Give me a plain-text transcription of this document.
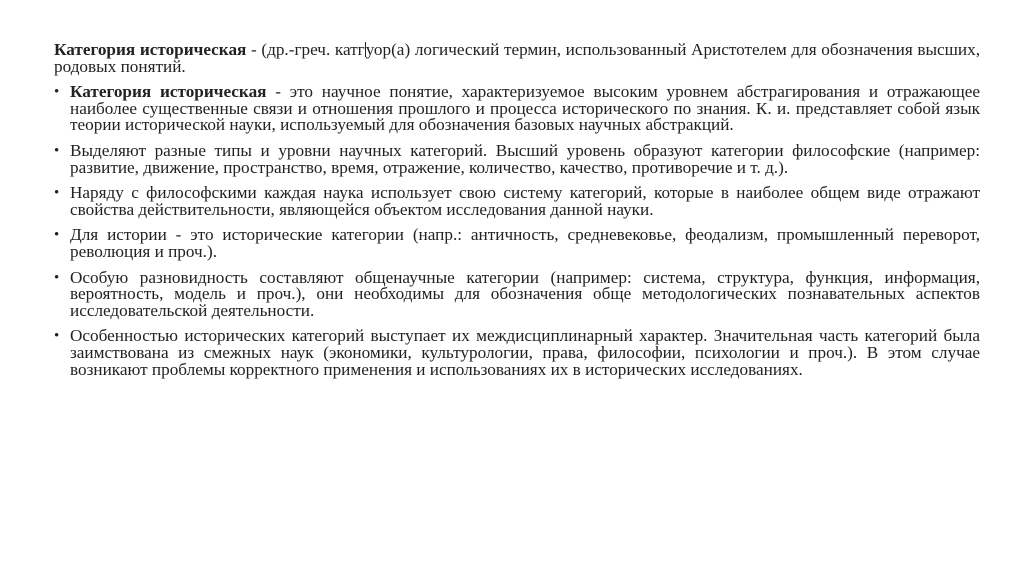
Категория историческая - (др.-греч. катгуор(а) логический термин, использованный Аристотелем для обозначения высших, родовых понятий.

• Категория историческая - это научное понятие, характеризуемое высоким уровнем абстрагирования и отражающее наиболее существенные связи и отношения прошлого и процесса исторического по знания. К. и. представляет собой язык теории исторической науки, используемый для обозначения базовых научных абстракций.
• Выделяют разные типы и уровни научных категорий. Высший уровень образуют категории философские (например: развитие, движение, пространство, время, отражение, количество, качество, противоречие и т. д.).
• Наряду с философскими каждая наука использует свою систему категорий, которые в наиболее общем виде отражают свойства действительности, являющейся объектом исследования данной науки.
• Для истории - это исторические категории (напр.: античность, средневековье, феодализм, промышленный переворот, революция и проч.).
• Особую разновидность составляют общенаучные категории (например: система, структура, функция, информация, вероятность, модель и проч.), они необходимы для обозначения обще методологических познавательных аспектов исследовательской деятельности.
• Особенностью исторических категорий выступает их междисциплинарный характер. Значительная часть категорий была заимствована из смежных наук (экономики, культурологии, права, философии, психологии и проч.). В этом случае возникают проблемы корректного применения и использованиях их в исторических исследованиях.
